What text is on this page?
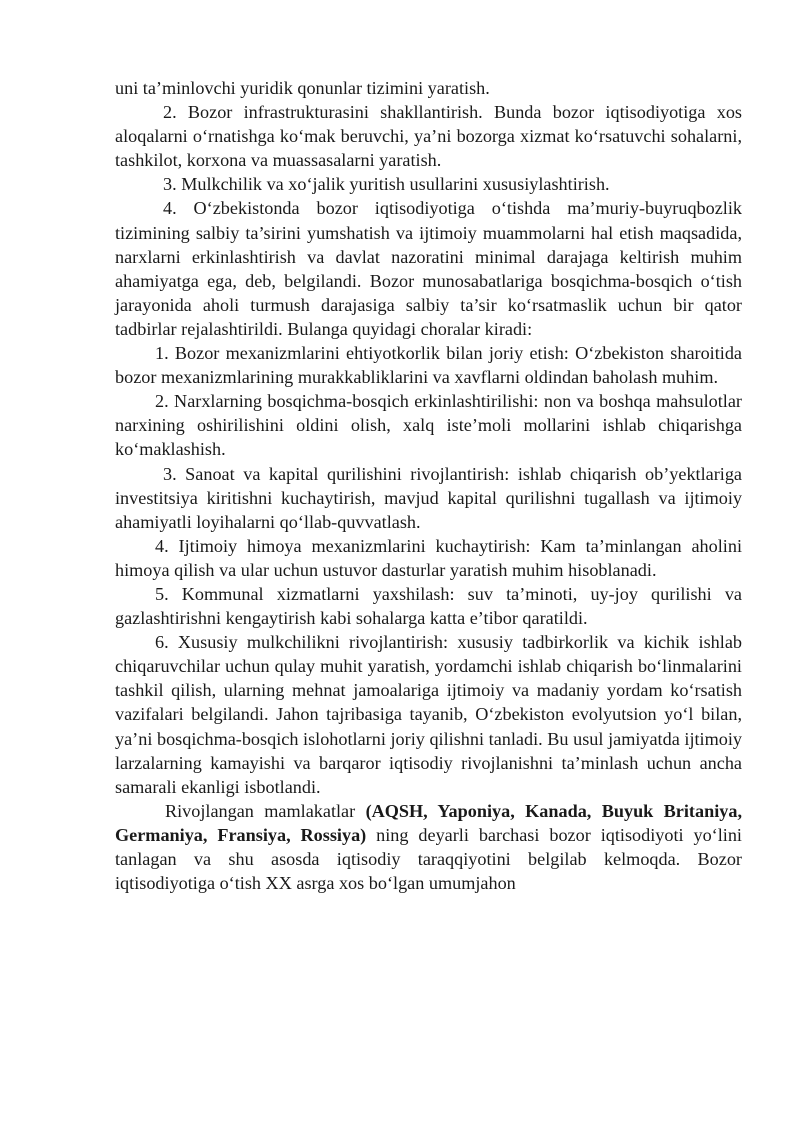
uni ta’minlovchi yuridik qonunlar tizimini yaratish.

2. Bozor infrastrukturasini shakllantirish. Bunda bozor iqtisodiyotiga xos aloqalarni o‘rnatishga ko‘mak beruvchi, ya’ni bozorga xizmat ko‘rsatuvchi sohalarni, tashkilot, korxona va muassasalarni yaratish.

3. Mulkchilik va xo‘jalik yuritish usullarini xususiylashtirish.

4. O‘zbekistonda bozor iqtisodiyotiga o‘tishda ma’muriy-buyruqbozlik tizimining salbiy ta’sirini yumshatish va ijtimoiy muammolarni hal etish maqsadida, narxlarni erkinlashtirish va davlat nazoratini minimal darajaga keltirish muhim ahamiyatga ega, deb, belgilandi. Bozor munosabatlariga bosqichma-bosqich o‘tish jarayonida aholi turmush darajasiga salbiy ta’sir ko‘rsatmaslik uchun bir qator tadbirlar rejalashtirildi. Bulanga quyidagi choralar kiradi:

1. Bozor mexanizmlarini ehtiyotkorlik bilan joriy etish: O‘zbekiston sharoitida bozor mexanizmlarining murakkabliklarini va xavflarni oldindan baholash muhim.

2. Narxlarning bosqichma-bosqich erkinlashtirilishi: non va boshqa mahsulotlar narxining oshirilishini oldini olish, xalq iste’moli mollarini ishlab chiqarishga ko‘maklashish.

3. Sanoat va kapital qurilishini rivojlantirish: ishlab chiqarish ob’yektlariga investitsiya kiritishni kuchaytirish, mavjud kapital qurilishni tugallash va ijtimoiy ahamiyatli loyihalarni qo‘llab-quvvatlash.

4. Ijtimoiy himoya mexanizmlarini kuchaytirish: Kam ta’minlangan aholini himoya qilish va ular uchun ustuvor dasturlar yaratish muhim hisoblanadi.

5. Kommunal xizmatlarni yaxshilash: suv ta’minoti, uy-joy qurilishi va gazlashtirishni kengaytirish kabi sohalarga katta e’tibor qaratildi.

6. Xususiy mulkchilikni rivojlantirish: xususiy tadbirkorlik va kichik ishlab chiqaruvchilar uchun qulay muhit yaratish, yordamchi ishlab chiqarish bo‘linmalarini tashkil qilish, ularning mehnat jamoalariga ijtimoiy va madaniy yordam ko‘rsatish vazifalari belgilandi. Jahon tajribasiga tayanib, O‘zbekiston evolyutsion yo‘l bilan, ya’ni bosqichma-bosqich islohotlarni joriy qilishni tanladi. Bu usul jamiyatda ijtimoiy larzalarning kamayishi va barqaror iqtisodiy rivojlanishni ta’minlash uchun ancha samarali ekanligi isbotlandi.

Rivojlangan mamlakatlar (AQSH, Yaponiya, Kanada, Buyuk Britaniya, Germaniya, Fransiya, Rossiya) ning deyarli barchasi bozor iqtisodiyoti yo‘lini tanlagan va shu asosda iqtisodiy taraqqiyotini belgilab kelmoqda. Bozor iqtisodiyotiga o‘tish XX asrga xos bo‘lgan umumjahon
